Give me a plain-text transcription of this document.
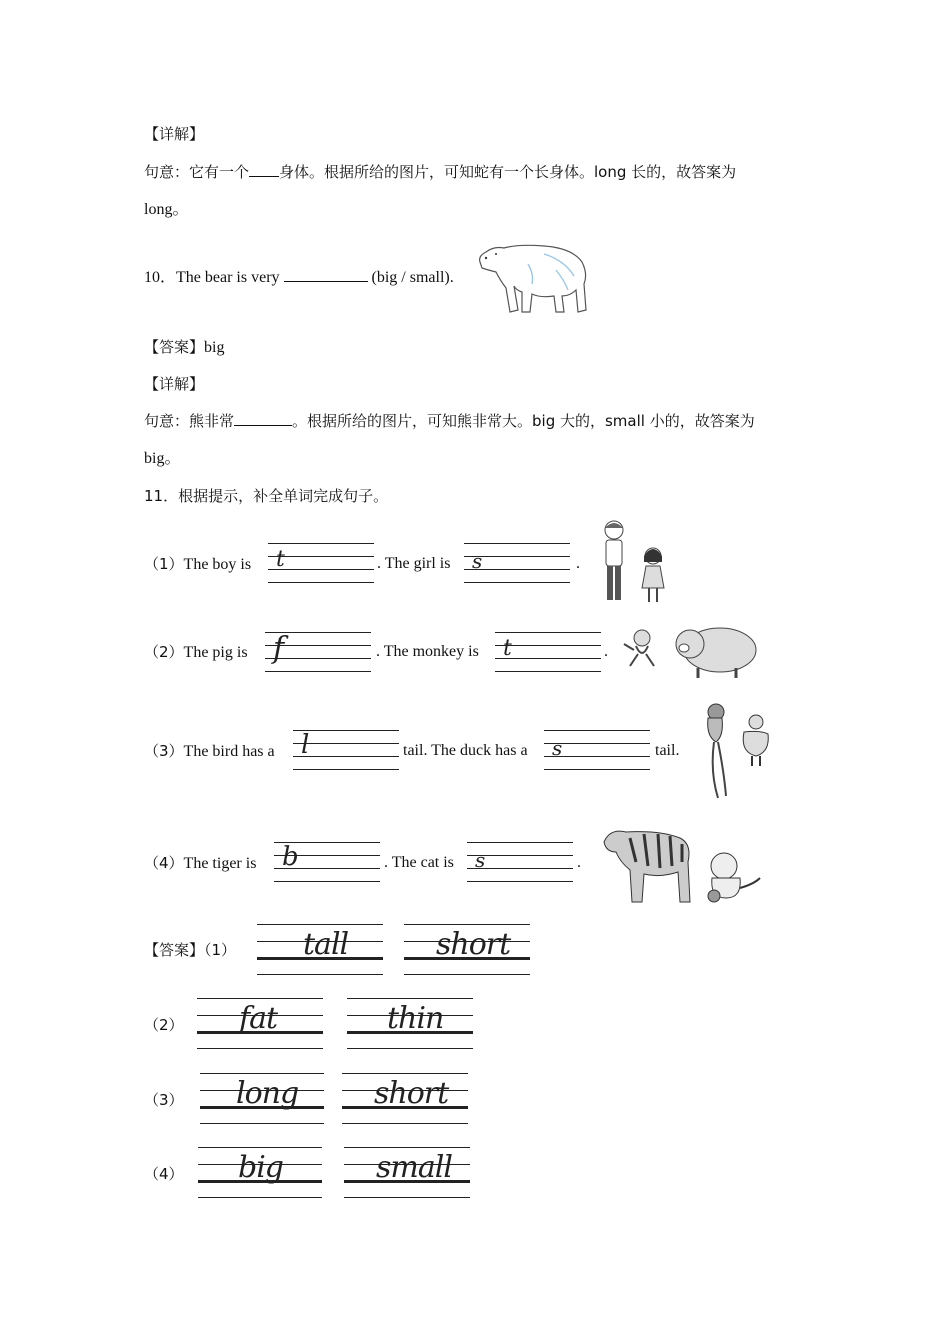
【详解】
句意：它有一个 身体。根据所给的图片，可知蛇有一个长身体。long 长的，故答案为
long。
10．The bear is very	(big / small).
【答案】big
【详解】
句意：熊非常	。根据所给的图片，可知熊非常大。big 大的，small 小的，故答案为
big。
11．根据提示，补全单词完成句子。
（1）The boy is t	. The girl is s	.
（2）The pig is f	. The monkey is t	.
（3）The bird has a l	tail. The duck has a s	tail.
（4）The tiger is b	. The cat is s	.
【答案】（1） tall	short
（2） fat	thin
（3） long	short
（4） big	small
